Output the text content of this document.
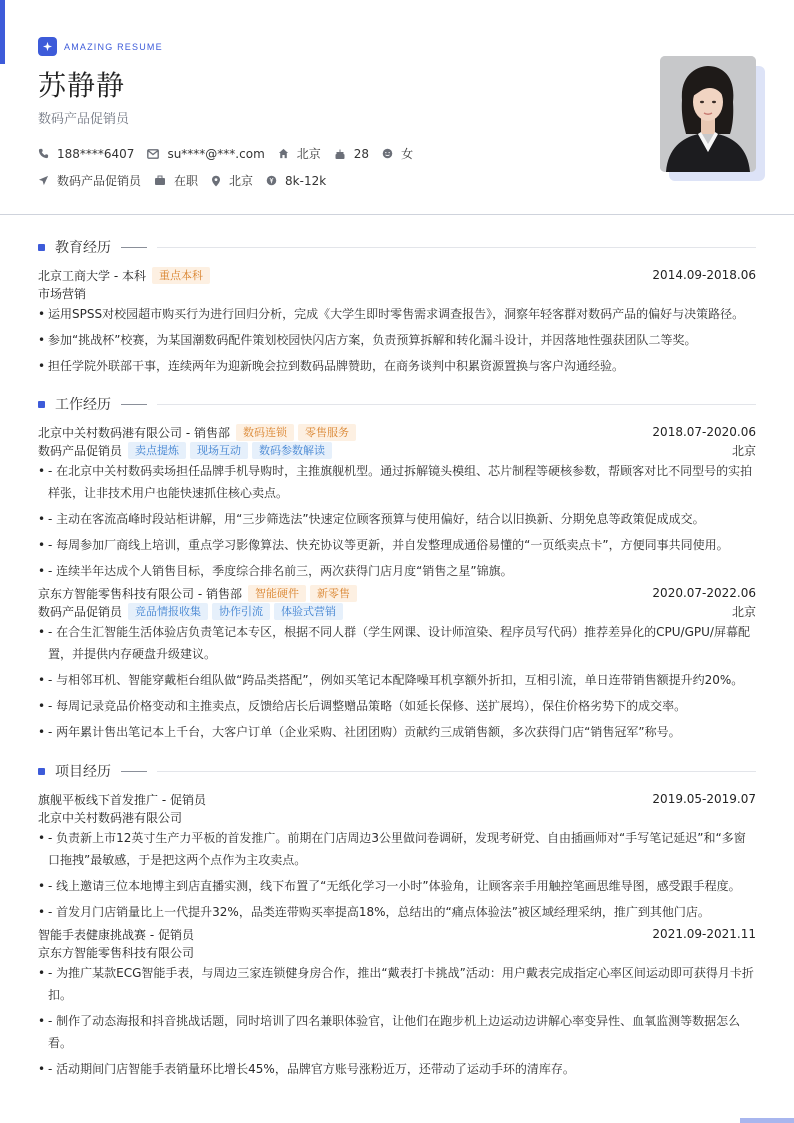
AMAZING RESUME
苏静静
数码产品促销员
188****6407	su****@***.com	北京	28	女
数码产品促销员	在职	北京	8k-12k
教育经历
北京工商大学 - 本科	重点本科	2014.09-2018.06
市场营销
• 运用SPSS对校园超市购买行为进行回归分析，完成《大学生即时零售需求调查报告》，洞察年轻客群对数码产品的偏好与决策路径。
• 参加“挑战杯”校赛，为某国潮数码配件策划校园快闪店方案，负责预算拆解和转化漏斗设计，并因落地性强获团队二等奖。
• 担任学院外联部干事，连续两年为迎新晚会拉到数码品牌赞助，在商务谈判中积累资源置换与客户沟通经验。
工作经历
北京中关村数码港有限公司 - 销售部	数码连锁	零售服务	2018.07-2020.06
数码产品促销员	卖点提炼	现场互动	数码参数解读	北京
• - 在北京中关村数码卖场担任品牌手机导购时，主推旗舰机型。通过拆解镜头模组、芯片制程等硬核参数，帮顾客对比不同型号的实拍样张，让非技术用户也能快速抓住核心卖点。
• - 主动在客流高峰时段站柜讲解，用“三步筛选法”快速定位顾客预算与使用偏好，结合以旧换新、分期免息等政策促成成交。
• - 每周参加厂商线上培训，重点学习影像算法、快充协议等更新，并自发整理成通俗易懂的“一页纸卖点卡”，方便同事共同使用。
• - 连续半年达成个人销售目标，季度综合排名前三，两次获得门店月度“销售之星”锦旗。
京东方智能零售科技有限公司 - 销售部	智能硬件	新零售	2020.07-2022.06
数码产品促销员	竞品情报收集	协作引流	体验式营销	北京
• - 在合生汇智能生活体验店负责笔记本专区，根据不同人群（学生网课、设计师渲染、程序员写代码）推荐差异化的CPU/GPU/屏幕配置，并提供内存硬盘升级建议。
• - 与相邻耳机、智能穿戴柜台组队做“跨品类搭配”，例如买笔记本配降噪耳机享额外折扣，互相引流，单日连带销售额提升约20%。
• - 每周记录竞品价格变动和主推卖点，反馈给店长后调整赠品策略（如延长保修、送扩展坞），保住价格劣势下的成交率。
• - 两年累计售出笔记本上千台，大客户订单（企业采购、社团团购）贡献约三成销售额，多次获得门店“销售冠军”称号。
项目经历
旗舰平板线下首发推广 - 促销员	2019.05-2019.07
北京中关村数码港有限公司
• - 负责新上市12英寸生产力平板的首发推广。前期在门店周边3公里做问卷调研，发现考研党、自由插画师对“手写笔记延迟”和“多窗口拖拽”最敏感，于是把这两个点作为主攻卖点。
• - 线上邀请三位本地博主到店直播实测，线下布置了“无纸化学习一小时”体验角，让顾客亲手用触控笔画思维导图，感受跟手程度。
• - 首发月门店销量比上一代提升32%，品类连带购买率提高18%，总结出的“痛点体验法”被区域经理采纳，推广到其他门店。
智能手表健康挑战赛 - 促销员	2021.09-2021.11
京东方智能零售科技有限公司
• - 为推广某款ECG智能手表，与周边三家连锁健身房合作，推出“戴表打卡挑战”活动：用户戴表完成指定心率区间运动即可获得月卡折扣。
• - 制作了动态海报和抖音挑战话题，同时培训了四名兼职体验官，让他们在跑步机上边运动边讲解心率变异性、血氧监测等数据怎么看。
• - 活动期间门店智能手表销量环比增长45%，品牌官方账号涨粉近万，还带动了运动手环的清库存。
